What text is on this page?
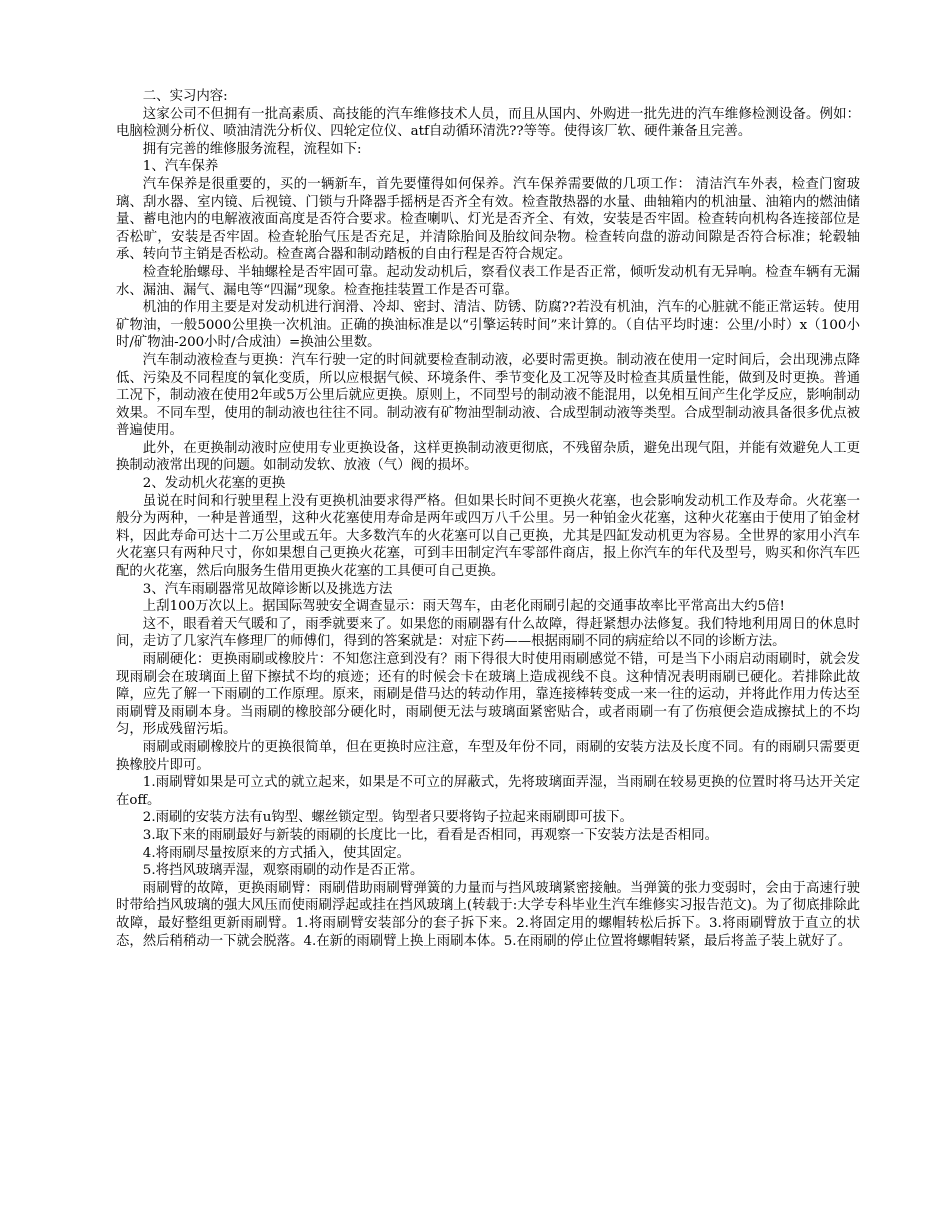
二、实习内容:

这家公司不但拥有一批高素质、高技能的汽车维修技术人员，而且从国内、外购进一批先进的汽车维修检测设备。例如：电脑检测分析仪、喷油清洗分析仪、四轮定位仪、atf自动循环清洗??等等。使得该厂软、硬件兼备且完善。

拥有完善的维修服务流程，流程如下:

1、汽车保养

汽车保养是很重要的，买的一辆新车，首先要懂得如何保养。汽车保养需要做的几项工作： 清洁汽车外表，检查门窗玻璃、刮水器、室内镜、后视镜、门锁与升降器手摇柄是否齐全有效。检查散热器的水量、曲轴箱内的机油量、油箱内的燃油储量、蓄电池内的电解液液面高度是否符合要求。检查喇叭、灯光是否齐全、有效，安装是否牢固。检查转向机构各连接部位是否松旷，安装是否牢固。检查轮胎气压是否充足，并清除胎间及胎纹间杂物。检查转向盘的游动间隙是否符合标准；轮毂轴承、转向节主销是否松动。检查离合器和制动踏板的自由行程是否符合规定。

检查轮胎螺母、半轴螺栓是否牢固可靠。起动发动机后，察看仪表工作是否正常，倾听发动机有无异响。检查车辆有无漏水、漏油、漏气、漏电等“四漏”现象。检查拖挂装置工作是否可靠。

机油的作用主要是对发动机进行润滑、冷却、密封、清洁、防锈、防腐??若没有机油，汽车的心脏就不能正常运转。使用矿物油，一般5000公里换一次机油。正确的换油标准是以“引擎运转时间”来计算的。（自估平均时速：公里/小时）x（100小时/矿物油-200小时/合成油）=换油公里数。

汽车制动液检查与更换：汽车行驶一定的时间就要检查制动液，必要时需更换。制动液在使用一定时间后，会出现沸点降低、污染及不同程度的氧化变质，所以应根据气候、环境条件、季节变化及工况等及时检查其质量性能，做到及时更换。普通工况下，制动液在使用2年或5万公里后就应更换。原则上，不同型号的制动液不能混用，以免相互间产生化学反应，影响制动效果。不同车型，使用的制动液也往往不同。制动液有矿物油型制动液、合成型制动液等类型。合成型制动液具备很多优点被普遍使用。

此外，在更换制动液时应使用专业更换设备，这样更换制动液更彻底，不残留杂质，避免出现气阻，并能有效避免人工更换制动液常出现的问题。如制动发软、放液（气）阀的损坏。

2、发动机火花塞的更换

虽说在时间和行驶里程上没有更换机油要求得严格。但如果长时间不更换火花塞，也会影响发动机工作及寿命。火花塞一般分为两种，一种是普通型，这种火花塞使用寿命是两年或四万八千公里。另一种铂金火花塞，这种火花塞由于使用了铂金材料，因此寿命可达十二万公里或五年。大多数汽车的火花塞可以自己更换，尤其是四缸发动机更为容易。全世界的家用小汽车火花塞只有两种尺寸，你如果想自己更换火花塞，可到丰田制定汽车零部件商店，报上你汽车的年代及型号，购买和你汽车匹配的火花塞，然后向服务生借用更换火花塞的工具便可自己更换。

3、汽车雨刷器常见故障诊断以及挑选方法

上刮100万次以上。据国际驾驶安全调查显示：雨天驾车，由老化雨刷引起的交通事故率比平常高出大约5倍!

这不，眼看着天气暖和了，雨季就要来了。如果您的雨刷器有什么故障，得赶紧想办法修复。我们特地利用周日的休息时间，走访了几家汽车修理厂的师傅们，得到的答案就是：对症下药——根据雨刷不同的病症给以不同的诊断方法。

雨刷硬化：更换雨刷或橡胶片：不知您注意到没有？雨下得很大时使用雨刷感觉不错，可是当下小雨启动雨刷时，就会发现雨刷会在玻璃面上留下擦拭不均的痕迹；还有的时候会卡在玻璃上造成视线不良。这种情况表明雨刷已硬化。若排除此故障，应先了解一下雨刷的工作原理。原来，雨刷是借马达的转动作用，靠连接棒转变成一来一往的运动，并将此作用力传达至雨刷臂及雨刷本身。当雨刷的橡胶部分硬化时，雨刷便无法与玻璃面紧密贴合，或者雨刷一有了伤痕便会造成擦拭上的不均匀，形成残留污垢。

雨刷或雨刷橡胶片的更换很简单，但在更换时应注意，车型及年份不同，雨刷的安装方法及长度不同。有的雨刷只需要更换橡胶片即可。

1.雨刷臂如果是可立式的就立起来，如果是不可立的屏蔽式，先将玻璃面弄湿，当雨刷在较易更换的位置时将马达开关定在off。

2.雨刷的安装方法有u钩型、螺丝锁定型。钩型者只要将钩子拉起来雨刷即可拔下。

3.取下来的雨刷最好与新装的雨刷的长度比一比，看看是否相同，再观察一下安装方法是否相同。

4.将雨刷尽量按原来的方式插入，使其固定。

5.将挡风玻璃弄湿，观察雨刷的动作是否正常。

雨刷臂的故障，更换雨刷臂：雨刷借助雨刷臂弹簧的力量而与挡风玻璃紧密接触。当弹簧的张力变弱时，会由于高速行驶时带给挡风玻璃的强大风压而使雨刷浮起或挂在挡风玻璃上(转载于:大学专科毕业生汽车维修实习报告范文)。为了彻底排除此故障，最好整组更新雨刷臂。1.将雨刷臂安装部分的套子拆下来。2.将固定用的螺帽转松后拆下。3.将雨刷臂放于直立的状态，然后稍稍动一下就会脱落。4.在新的雨刷臂上换上雨刷本体。5.在雨刷的停止位置将螺帽转紧，最后将盖子装上就好了。
